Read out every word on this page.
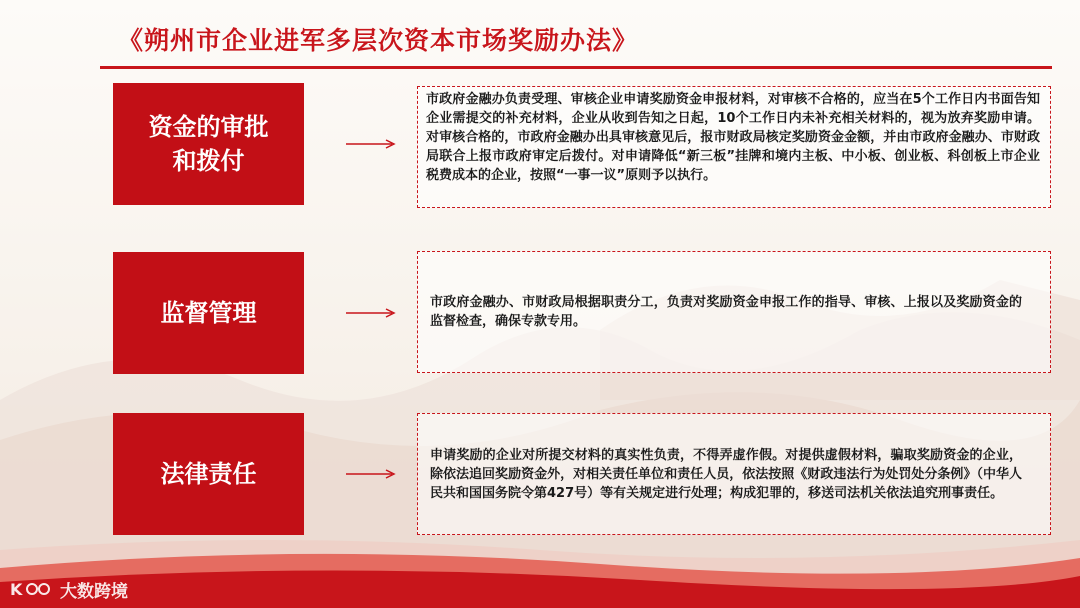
《朔州市企业进军多层次资本市场奖励办法》
资金的审批和拨付
市政府金融办负责受理、审核企业申请奖励资金申报材料，对审核不合格的，应当在5个工作日内书面告知企业需提交的补充材料，企业从收到告知之日起，10个工作日内未补充相关材料的，视为放弃奖励申请。对审核合格的，市政府金融办出具审核意见后，报市财政局核定奖励资金金额，并由市政府金融办、市财政局联合上报市政府审定后拨付。对申请降低“新三板”挂牌和境内主板、中小板、创业板、科创板上市企业税费成本的企业，按照“一事一议”原则予以执行。
监督管理	市政府金融办、市财政局根据职责分工，负责对奖励资金申报工作的指导、审核、上报以及奖励资金的监督检查，确保专款专用。
法律责任
申请奖励的企业对所提交材料的真实性负责，不得弄虚作假。对提供虚假材料，骗取奖励资金的企业，除依法追回奖励资金外，对相关责任单位和责任人员，依法按照《财政违法行为处罚处分条例》（中华人民共和国国务院令第427号）等有关规定进行处理；构成犯罪的，移送司法机关依法追究刑事责任。
K 大数跨境
